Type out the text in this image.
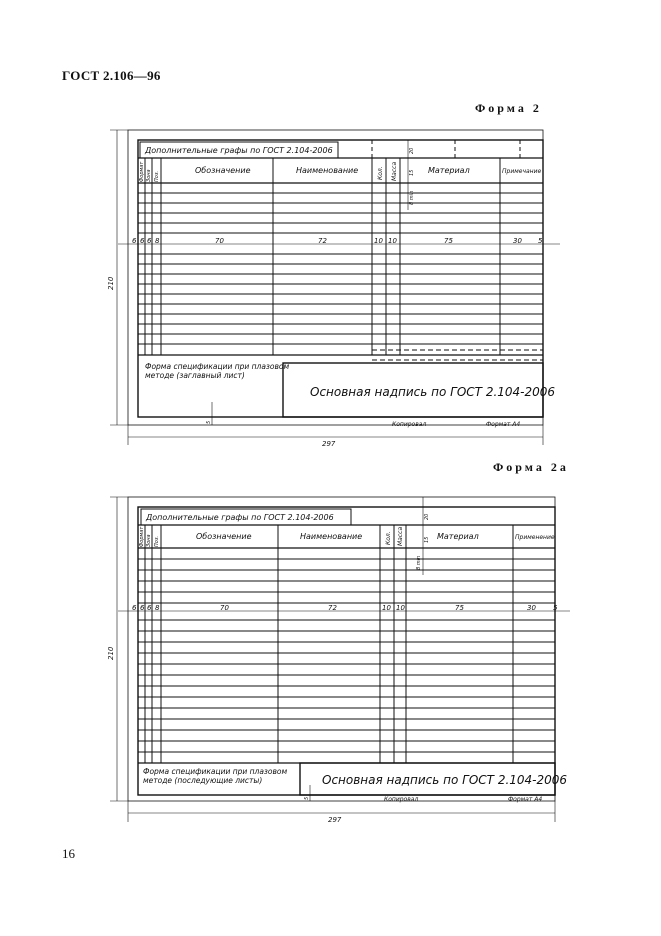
ГОСТ 2.106—96
Форма 2
Форма 2а
Дополнительные графы по ГОСТ 2.104-2006
Формат Зона Поз.
Обозначение	Наименование	Кол. Масса	Материал	Примечание
6 6 6 8	70	72	10 10	75	30 5
210
297
20
15
8 min
5
Форма спецификации при плазовом
методе (заглавный лист)
Основная надпись по ГОСТ 2.104-2006
Копировал	Формат А4
Дополнительные графы по ГОСТ 2.104-2006
Формат Зона Поз.	Обозначение	Наименование	Кол. Масса	Материал	Применение
6 6 6 8	70	72	10 10	75	30 5
210
297
20
15
8 min
5
Форма спецификации при плазовом
методе (последующие листы)	Основная надпись по ГОСТ 2.104-2006
Копировал	Формат А4
16
